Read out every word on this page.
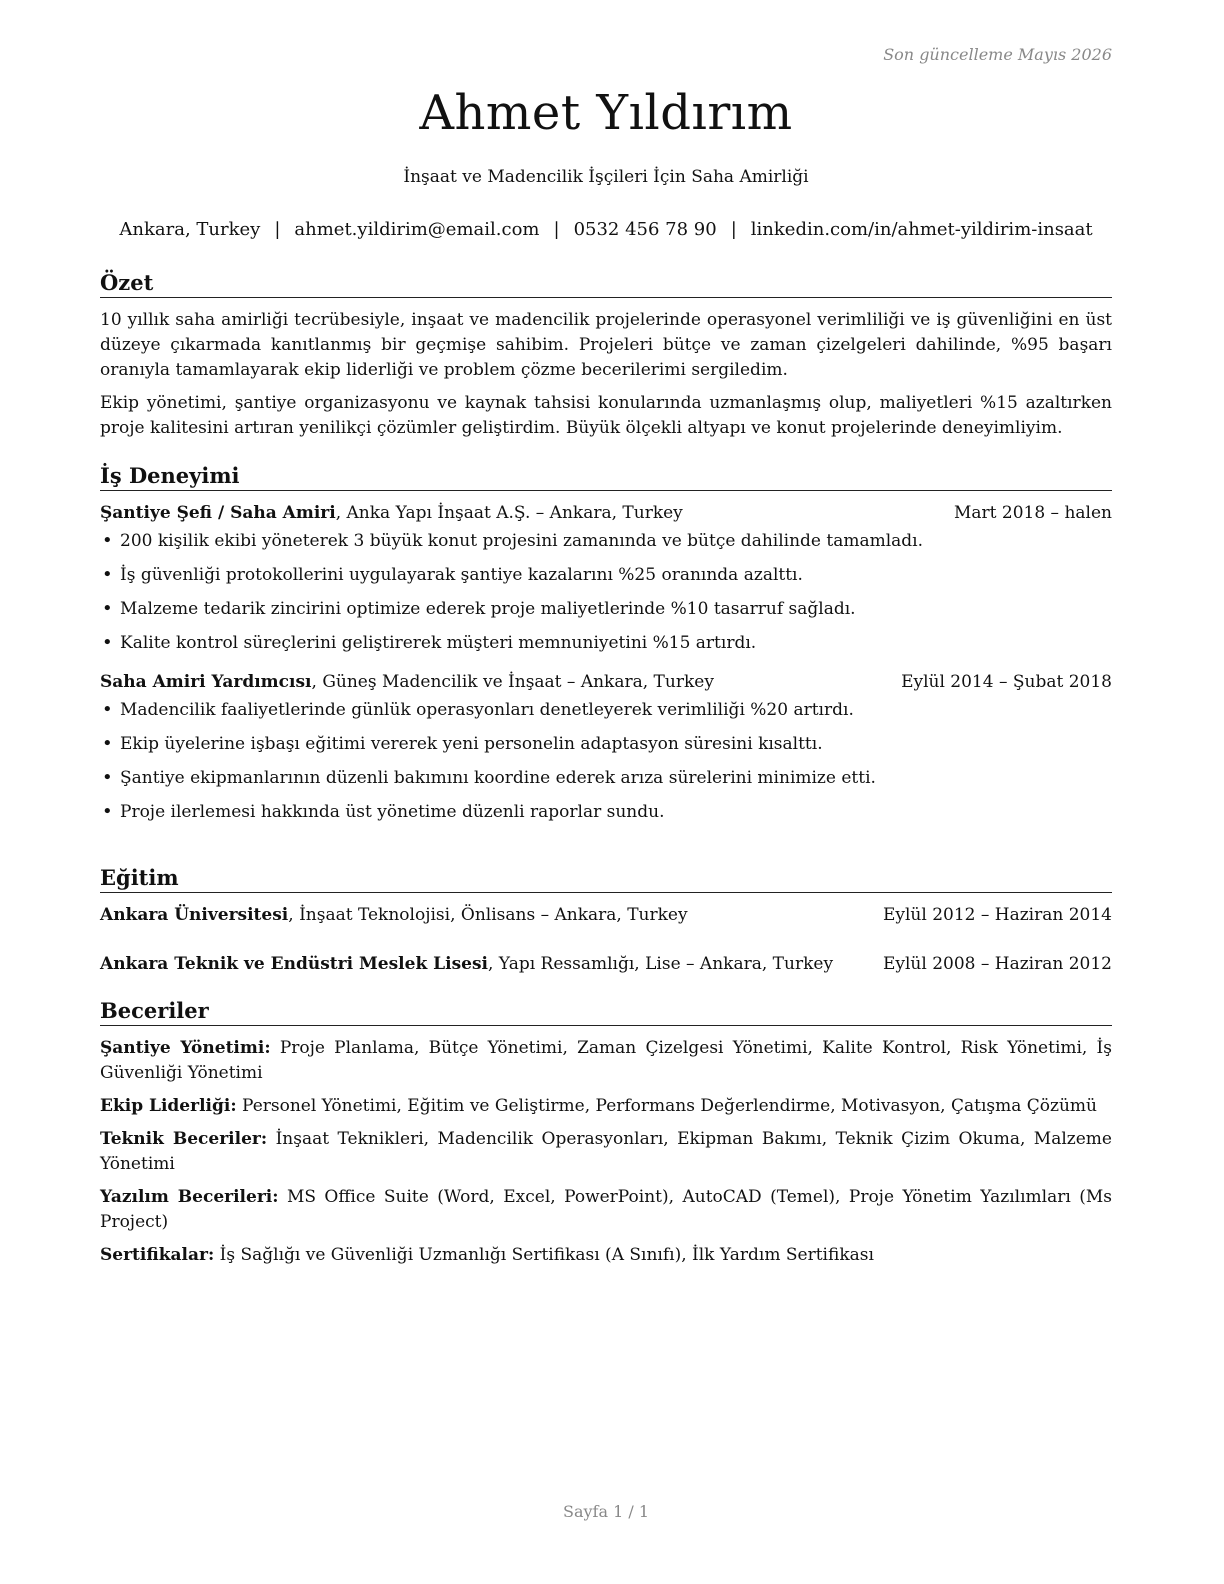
Son güncelleme Mayıs 2026
Ahmet Yıldırım
İnşaat ve Madencilik İşçileri İçin Saha Amirliği
Ankara, Turkey | ahmet.yildirim@email.com | 0532 456 78 90 | linkedin.com/in/ahmet-yildirim-insaat
Özet

10 yıllık saha amirliği tecrübesiyle, inşaat ve madencilik projelerinde operasyonel verimliliği ve iş güvenliğini en üst düzeye çıkarmada kanıtlanmış bir geçmişe sahibim. Projeleri bütçe ve zaman çizelgeleri dahilinde, %95 başarı oranıyla tamamlayarak ekip liderliği ve problem çözme becerilerimi sergiledim.

Ekip yönetimi, şantiye organizasyonu ve kaynak tahsisi konularında uzmanlaşmış olup, maliyetleri %15 azaltırken proje kalitesini artıran yenilikçi çözümler geliştirdim. Büyük ölçekli altyapı ve konut projelerinde deneyimliyim.

İş Deneyimi
Şantiye Şefi / Saha Amiri, Anka Yapı İnşaat A.Ş. – Ankara, Turkey	Mart 2018 – halen
• 200 kişilik ekibi yöneterek 3 büyük konut projesini zamanında ve bütçe dahilinde tamamladı.
• İş güvenliği protokollerini uygulayarak şantiye kazalarını %25 oranında azalttı.
• Malzeme tedarik zincirini optimize ederek proje maliyetlerinde %10 tasarruf sağladı.
• Kalite kontrol süreçlerini geliştirerek müşteri memnuniyetini %15 artırdı.
Saha Amiri Yardımcısı, Güneş Madencilik ve İnşaat – Ankara, Turkey	Eylül 2014 – Şubat 2018
• Madencilik faaliyetlerinde günlük operasyonları denetleyerek verimliliği %20 artırdı.
• Ekip üyelerine işbaşı eğitimi vererek yeni personelin adaptasyon süresini kısalttı.
• Şantiye ekipmanlarının düzenli bakımını koordine ederek arıza sürelerini minimize etti.
• Proje ilerlemesi hakkında üst yönetime düzenli raporlar sundu.
Eğitim
Ankara Üniversitesi, İnşaat Teknolojisi, Önlisans – Ankara, Turkey	Eylül 2012 – Haziran 2014
Ankara Teknik ve Endüstri Meslek Lisesi, Yapı Ressamlığı, Lise – Ankara, Turkey	Eylül 2008 – Haziran 2012
Beceriler

Şantiye Yönetimi: Proje Planlama, Bütçe Yönetimi, Zaman Çizelgesi Yönetimi, Kalite Kontrol, Risk Yönetimi, İş Güvenliği Yönetimi

Ekip Liderliği: Personel Yönetimi, Eğitim ve Geliştirme, Performans Değerlendirme, Motivasyon, Çatışma Çözümü

Teknik Beceriler: İnşaat Teknikleri, Madencilik Operasyonları, Ekipman Bakımı, Teknik Çizim Okuma, Malzeme Yönetimi

Yazılım Becerileri: MS Office Suite (Word, Excel, PowerPoint), AutoCAD (Temel), Proje Yönetim Yazılımları (Ms Project)

Sertifikalar: İş Sağlığı ve Güvenliği Uzmanlığı Sertifikası (A Sınıfı), İlk Yardım Sertifikası

Sayfa 1 / 1
